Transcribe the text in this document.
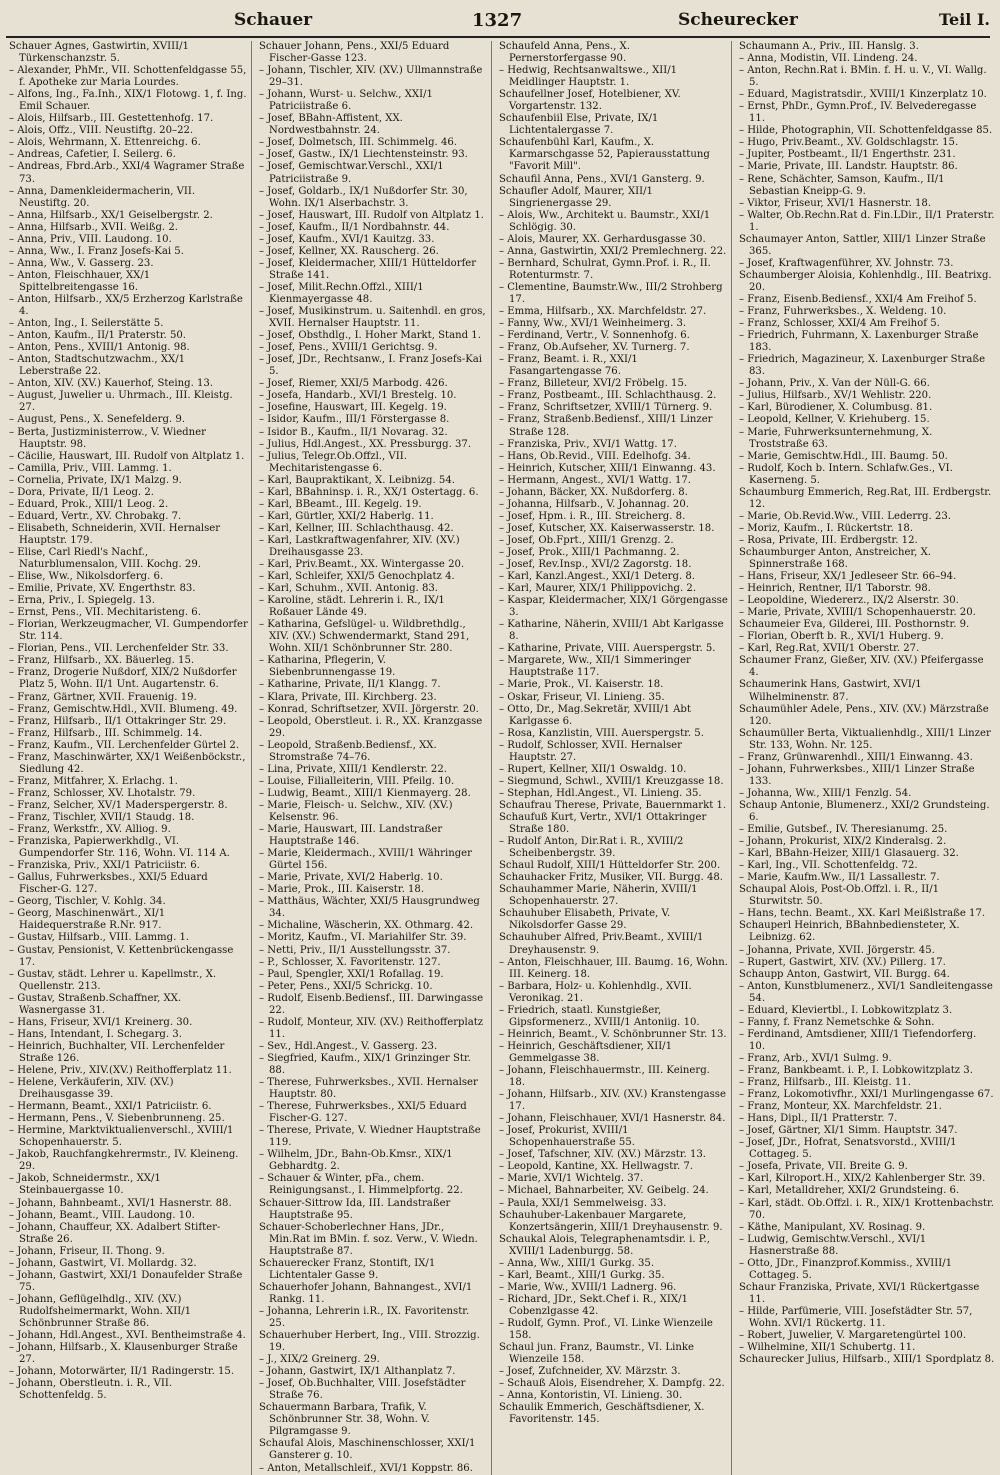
Schauer	1327	Scheurecker	Teil I.

Schauer Agnes, Gastwirtin, XVIII/1 Türkenschanzstr. 5.

– Alexander, PhMr., VII. Schottenfeldgasse 55, f. Apotheke zur Maria Lourdes.

– Alfons, Ing., Fa.Inh., XIX/1 Flotowg. 1, f. Ing. Emil Schauer.

– Alois, Hilfsarb., III. Gestettenhofg. 17.

– Alois, Offz., VIII. Neustiftg. 20–22.

– Alois, Wehrmann, X. Ettenreichg. 6.

– Andreas, Cafetier, I. Seilerg. 6.

– Andreas, Fbrd.Arb., XXI/4 Wagramer Straße 73.

– Anna, Damenkleidermacherin, VII. Neustiftg. 20.

– Anna, Hilfsarb., XX/1 Geiselbergstr. 2.

– Anna, Hilfsarb., XVII. Weißg. 2.

– Anna, Priv., VIII. Laudong. 10.

– Anna, Ww., I. Franz Josefs-Kai 5.

– Anna, Ww., V. Gasserg. 23.

– Anton, Fleischhauer, XX/1 Spittelbreitengasse 16.

– Anton, Hilfsarb., XX/5 Erzherzog Karlstraße 4.

– Anton, Ing., I. Seilerstätte 5.

– Anton, Kaufm., II/1 Praterstr. 50.

– Anton, Pens., XVIII/1 Antonig. 98.

– Anton, Stadtschutzwachm., XX/1 Leberstraße 22.

– Anton, XIV. (XV.) Kauerhof, Steing. 13.

– August, Juwelier u. Uhrmach., III. Kleistg. 27.

– August, Pens., X. Senefelderg. 9.

– Berta, Justizministerrow., V. Wiedner Hauptstr. 98.

– Cäcilie, Hauswart, III. Rudolf von Altplatz 1.

– Camilla, Priv., VIII. Lammg. 1.

– Cornelia, Private, IX/1 Malzg. 9.

– Dora, Private, II/1 Leog. 2.

– Eduard, Prok., XIII/1 Leog. 2.

– Eduard, Vertr., XV. Chrobakg. 7.

– Elisabeth, Schneiderin, XVII. Hernalser Hauptstr. 179.

– Elise, Carl Riedl's Nachf., Naturblumensalon, VIII. Kochg. 29.

– Elise, Ww., Nikolsdorferg. 6.

– Emilie, Private, XV. Engerthstr. 83.

– Erna, Priv., I. Spiegelg. 13.

– Ernst, Pens., VII. Mechitaristeng. 6.

– Florian, Werkzeugmacher, VI. Gumpendorfer Str. 114.

– Florian, Pens., VII. Lerchenfelder Str. 33.

– Franz, Hilfsarb., XX. Bäuerleg. 15.

– Franz, Drogerie Nußdorf, XIX/2 Nußdorfer Platz 5, Wohn. II/1 Unt. Augartenstr. 6.

– Franz, Gärtner, XVII. Frauenig. 19.

– Franz, Gemischtw.Hdl., XVII. Blumeng. 49.

– Franz, Hilfsarb., II/1 Ottakringer Str. 29.

– Franz, Hilfsarb., III. Schimmelg. 14.

– Franz, Kaufm., VII. Lerchenfelder Gürtel 2.

– Franz, Maschinwärter, XX/1 Weißenböckstr., Siedlung 42.

– Franz, Mitfahrer, X. Erlachg. 1.

– Franz, Schlosser, XV. Lhotalstr. 79.

– Franz, Selcher, XV/1 Maderspergerstr. 8.

– Franz, Tischler, XVII/1 Staudg. 18.

– Franz, Werkstfr., XV. Alliog. 9.

– Franziska, Papierwerkhdlg., VI. Gumpendorfer Str. 116, Wohn. VI. 114 A.

– Franziska, Priv., XXI/1 Patriciistr. 6.

– Gallus, Fuhrwerksbes., XXI/5 Eduard Fischer-G. 127.

– Georg, Tischler, V. Kohlg. 34.

– Georg, Maschinenwärt., XI/1 Haidequerstraße R.Nr. 917.

– Gustav, Hilfsarb., VIII. Lammg. 1.

– Gustav, Pensionist, V. Kettenbrückengasse 17.

– Gustav, städt. Lehrer u. Kapellmstr., X. Quellenstr. 213.

– Gustav, Straßenb.Schaffner, XX. Wasnergasse 31.

– Hans, Friseur, XVI/1 Kreinerg. 30.

– Hans, Intendant, I. Schegarg. 3.

– Heinrich, Buchhalter, VII. Lerchenfelder Straße 126.

– Helene, Priv., XIV.(XV.) Reithofferplatz 11.

– Helene, Verkäuferin, XIV. (XV.) Dreihausgasse 39.

– Hermann, Beamt., XXI/1 Patriciistr. 6.

– Hermann, Pens., V. Siebenbrunneng. 25.

– Hermine, Marktviktualienverschl., XVIII/1 Schopenhauerstr. 5.

– Jakob, Rauchfangkehrermstr., IV. Kleineng. 29.

– Jakob, Schneidermstr., XX/1 Steinbauergasse 10.

– Johann, Bahnbeamt., XVI/1 Hasnerstr. 88.

– Johann, Beamt., VIII. Laudong. 10.

– Johann, Chauffeur, XX. Adalbert Stifter-Straße 26.

– Johann, Friseur, II. Thong. 9.

– Johann, Gastwirt, VI. Mollardg. 32.

– Johann, Gastwirt, XXI/1 Donaufelder Straße 75.

– Johann, Geflügelhdlg., XIV. (XV.) Rudolfsheimermarkt, Wohn. XII/1 Schönbrunner Straße 86.

– Johann, Hdl.Angest., XVI. Bentheimstraße 4.

– Johann, Hilfsarb., X. Klausenburger Straße 27.

– Johann, Motorwärter, II/1 Radingerstr. 15.

– Johann, Oberstleutn. i. R., VII. Schottenfeldg. 5.

Schauer Johann, Pens., XXI/5 Eduard Fischer-Gasse 123.

– Johann, Tischler, XIV. (XV.) Ullmannstraße 29–31.

– Johann, Wurst- u. Selchw., XXI/1 Patriciistraße 6.

– Josef, BBahn-Affistent, XX. Nordwestbahnstr. 24.

– Josef, Dolmetsch, III. Schimmelg. 46.

– Josef, Gastw., IX/1 Liechtensteinstr. 93.

– Josef, Gemischtwar.Verschl., XXI/1 Patriciistraße 9.

– Josef, Goldarb., IX/1 Nußdorfer Str. 30, Wohn. IX/1 Alserbachstr. 3.

– Josef, Hauswart, III. Rudolf von Altplatz 1.

– Josef, Kaufm., II/1 Nordbahnstr. 44.

– Josef, Kaufm., XVI/1 Kauitzg. 33.

– Josef, Kellner, XX. Rauscherg. 26.

– Josef, Kleidermacher, XIII/1 Hütteldorfer Straße 141.

– Josef, Milit.Rechn.Offzl., XIII/1 Kienmayergasse 48.

– Josef, Musikinstrum. u. Saitenhdl. en gros, XVII. Hernalser Hauptstr. 11.

– Josef, Obsthdlg., I. Hoher Markt, Stand 1.

– Josef, Pens., XVIII/1 Gerichtsg. 9.

– Josef, JDr., Rechtsanw., I. Franz Josefs-Kai 5.

– Josef, Riemer, XXI/5 Marbodg. 426.

– Josefa, Handarb., XVI/1 Brestelg. 10.

– Josefine, Hauswart, III. Kegelg. 19.

– Isidor, Kaufm., III/1 Förstergasse 8.

– Isidor B., Kaufm., II/1 Novarag. 32.

– Julius, Hdl.Angest., XX. Pressburgg. 37.

– Julius, Telegr.Ob.Offzl., VII. Mechitaristengasse 6.

– Karl, Baupraktikant, X. Leibnizg. 54.

– Karl, BBahninsp. i. R., XX/1 Ostertagg. 6.

– Karl, BBeamt., III. Kegelg. 19.

– Karl, Gürtler, XXI/2 Haberlg. 11.

– Karl, Kellner, III. Schlachthausg. 42.

– Karl, Lastkraftwagenfahrer, XIV. (XV.) Dreihausgasse 23.

– Karl, Priv.Beamt., XX. Wintergasse 20.

– Karl, Schleifer, XXI/5 Genochplatz 4.

– Karl, Schuhm., XVII. Antonig. 83.

– Karoline, städt. Lehrerin i. R., IX/1 Roßauer Lände 49.

– Katharina, Gefslügel- u. Wildbrethdlg., XIV. (XV.) Schwendermarkt, Stand 291, Wohn. XII/1 Schönbrunner Str. 280.

– Katharina, Pflegerin, V. Siebenbrunnengasse 19.

– Katharine, Private, II/1 Klangg. 7.

– Klara, Private, III. Kirchberg. 23.

– Konrad, Schriftsetzer, XVII. Jörgerstr. 20.

– Leopold, Oberstleut. i. R., XX. Kranzgasse 29.

– Leopold, Straßenb.Bediensf., XX. Stromstraße 74–76.

– Lina, Private, XIII/1 Kendlerstr. 22.

– Louise, Filialleiterin, VIII. Pfeilg. 10.

– Ludwig, Beamt., XIII/1 Kienmayerg. 28.

– Marie, Fleisch- u. Selchw., XIV. (XV.) Kelsenstr. 96.

– Marie, Hauswart, III. Landstraßer Hauptstraße 146.

– Marie, Kleidermach., XVIII/1 Währinger Gürtel 156.

– Marie, Private, XVI/2 Haberlg. 10.

– Marie, Prok., III. Kaiserstr. 18.

– Matthäus, Wächter, XXI/5 Hausgrundweg 34.

– Michaline, Wäscherin, XX. Othmarg. 42.

– Moritz, Kaufm., VI. Mariahilfer Str. 39.

– Netti, Priv., II/1 Ausstellungsstr. 37.

– P., Schlosser, X. Favoritenstr. 127.

– Paul, Spengler, XXI/1 Rofallag. 19.

– Peter, Pens., XXI/5 Schrickg. 10.

– Rudolf, Eisenb.Bediensf., III. Darwingasse 22.

– Rudolf, Monteur, XIV. (XV.) Reithofferplatz 11.

– Sev., Hdl.Angest., V. Gasserg. 23.

– Siegfried, Kaufm., XIX/1 Grinzinger Str. 88.

– Therese, Fuhrwerksbes., XVII. Hernalser Hauptstr. 80.

– Therese, Fuhrwerksbes., XXI/5 Eduard Fischer-G. 127.

– Therese, Private, V. Wiedner Hauptstraße 119.

– Wilhelm, JDr., Bahn-Ob.Kmsr., XIX/1 Gebhardtg. 2.

– Schauer & Winter, pFa., chem. Reinigungsanst., I. Himmelpfortg. 22.

Schauer-Sittrow Ida, III. Landstraßer Hauptstraße 95.

Schauer-Schoberlechner Hans, JDr., Min.Rat im BMin. f. soz. Verw., V. Wiedn. Hauptstraße 87.

Schauerecker Franz, Stontift, IX/1 Lichtentaler Gasse 9.

Schauerhofer Johann, Bahnangest., XVI/1 Rankg. 11.

– Johanna, Lehrerin i.R., IX. Favoritenstr. 25.

Schauerhuber Herbert, Ing., VIII. Strozzig. 19.

– J., XIX/2 Greinerg. 29.

– Johann, Gastwirt, IX/1 Althanplatz 7.

– Josef, Ob.Buchhalter, VIII. Josefstädter Straße 76.

Schauermann Barbara, Trafik, V. Schönbrunner Str. 38, Wohn. V. Pilgramgasse 9.

Schaufal Alois, Maschinenschlosser, XXI/1 Gansterer g. 10.

– Anton, Metallschleif., XVI/1 Koppstr. 86.

Schaufeld Anna, Pens., X. Pernerstorfergasse 90.

– Hedwig, Rechtsanwaltswe., XII/1 Meidlinger Hauptstr. 1.

Schaufellner Josef, Hotelbiener, XV. Vorgartenstr. 132.

Schaufenbiil Else, Private, IX/1 Lichtentalergasse 7.

Schaufenbühl Karl, Kaufm., X. Karmarschgasse 52, Papierausstattung "Favorit Mill".

Schaufil Anna, Pens., XVI/1 Gansterg. 9.

Schaufler Adolf, Maurer, XII/1 Singrienergasse 29.

– Alois, Ww., Architekt u. Baumstr., XXI/1 Schlögig. 30.

– Alois, Maurer, XX. Gerhardusgasse 30.

– Anna, Gastwirtin, XXI/2 Premlechnerg. 22.

– Bernhard, Schulrat, Gymn.Prof. i. R., II. Rotenturmstr. 7.

– Clementine, Baumstr.Ww., III/2 Strohberg 17.

– Emma, Hilfsarb., XX. Marchfeldstr. 27.

– Fanny, Ww., XVI/1 Weinheimerg. 3.

– Ferdinand, Vertr., V. Sonnenhofg. 6.

– Franz, Ob.Aufseher, XV. Turnerg. 7.

– Franz, Beamt. i. R., XXI/1 Fasangartengasse 76.

– Franz, Billeteur, XVI/2 Fröbelg. 15.

– Franz, Postbeamt., III. Schlachthausg. 2.

– Franz, Schriftsetzer, XVIII/1 Türnerg. 9.

– Franz, Straßenb.Bediensf., XIII/1 Linzer Straße 128.

– Franziska, Priv., XVI/1 Wattg. 17.

– Hans, Ob.Revid., VIII. Edelhofg. 34.

– Heinrich, Kutscher, XIII/1 Einwanng. 43.

– Hermann, Angest., XVI/1 Wattg. 17.

– Johann, Bäcker, XX. Nußdorferg. 8.

– Johanna, Hilfsarb., V. Johannag. 20.

– Josef, Hpm. i. R., III. Streicherg. 8.

– Josef, Kutscher, XX. Kaiserwasserstr. 18.

– Josef, Ob.Fprt., XIII/1 Grenzg. 2.

– Josef, Prok., XIII/1 Pachmanng. 2.

– Josef, Rev.Insp., XVI/2 Zagorstg. 18.

– Karl, Kanzl.Angest., XXI/1 Deterg. 8.

– Karl, Maurer, XIX/1 Philippovichg. 2.

– Kaspar, Kleidermacher, XIX/1 Görgengasse 3.

– Katharine, Näherin, XVIII/1 Abt Karlgasse 8.

– Katharine, Private, VIII. Auerspergstr. 5.

– Margarete, Ww., XII/1 Simmeringer Hauptstraße 117.

– Marie, Prok., VI. Kaiserstr. 18.

– Oskar, Friseur, VI. Linieng. 35.

– Otto, Dr., Mag.Sekretär, XVIII/1 Abt Karlgasse 6.

– Rosa, Kanzlistin, VIII. Auerspergstr. 5.

– Rudolf, Schlosser, XVII. Hernalser Hauptstr. 27.

– Rupert, Kellner, XII/1 Oswaldg. 10.

– Siegmund, Schwl., XVIII/1 Kreuzgasse 18.

– Stephan, Hdl.Angest., VI. Linieng. 35.

Schaufrau Therese, Private, Bauernmarkt 1.

Schaufuß Kurt, Vertr., XVI/1 Ottakringer Straße 180.

– Rudolf Anton, Dir.Rat i. R., XVIII/2 Scheibenbergstr. 39.

Schaul Rudolf, XIII/1 Hütteldorfer Str. 200.

Schauhacker Fritz, Musiker, VII. Burgg. 48.

Schauhammer Marie, Näherin, XVIII/1 Schopenhauerstr. 27.

Schauhuber Elisabeth, Private, V. Nikolsdorfer Gasse 29.

Schauhuber Alfred, Priv.Beamt., XVIII/1 Dreyhausenstr. 9.

– Anton, Fleischhauer, III. Baumg. 16, Wohn. III. Keinerg. 18.

– Barbara, Holz- u. Kohlenhdlg., XVII. Veronikag. 21.

– Friedrich, staatl. Kunstgießer, Gipsformenerz., XVIII/1 Antoniig. 10.

– Heinrich, Beamt., V. Schönbrunner Str. 13.

– Heinrich, Geschäftsdiener, XII/1 Gemmelgasse 38.

– Johann, Fleischhauermstr., III. Keinerg. 18.

– Johann, Hilfsarb., XIV. (XV.) Kranstengasse 17.

– Johann, Fleischhauer, XVI/1 Hasnerstr. 84.

– Josef, Prokurist, XVIII/1 Schopenhauerstraße 55.

– Josef, Tafschner, XIV. (XV.) Märzstr. 13.

– Leopold, Kantine, XX. Hellwagstr. 7.

– Marie, XVI/1 Wichtelg. 37.

– Michael, Bahnarbeiter, XV. Geibelg. 24.

– Paula, XXI/1 Semmelweisg. 33.

Schauhuber-Lakenbauer Margarete, Konzertsängerin, XIII/1 Dreyhausenstr. 9.

Schaukal Alois, Telegraphenamtsdir. i. P., XVIII/1 Ladenburgg. 58.

– Anna, Ww., XIII/1 Gurkg. 35.

– Karl, Beamt., XIII/1 Gurkg. 35.

– Marie, Ww., XVIII/1 Ladnerg. 96.

– Richard, JDr., Sekt.Chef i. R., XIX/1 Cobenzlgasse 42.

– Rudolf, Gymn. Prof., VI. Linke Wienzeile 158.

Schaul jun. Franz, Baumstr., VI. Linke Wienzeile 158.

– Josef, Zufchneider, XV. Märzstr. 3.

– Schauß Alois, Eisendreher, X. Dampfg. 22.

– Anna, Kontoristin, VI. Linieng. 30.

Schaulik Emmerich, Geschäftsdiener, X. Favoritenstr. 145.

Schaumann A., Priv., III. Hanslg. 3.

– Anna, Modistin, VII. Lindeng. 24.

– Anton, Rechn.Rat i. BMin. f. H. u. V., VI. Wallg. 5.

– Eduard, Magistratsdir., XVIII/1 Kinzerplatz 10.

– Ernst, PhDr., Gymn.Prof., IV. Belvederegasse 11.

– Hilde, Photographin, VII. Schottenfeldgasse 85.

– Hugo, Priv.Beamt., XV. Goldschlagstr. 15.

– Jupiter, Postbeamt., II/1 Engerthstr. 231.

– Marie, Private, III. Landstr. Hauptstr. 86.

– Rene, Schächter, Samson, Kaufm., II/1 Sebastian Kneipp-G. 9.

– Viktor, Friseur, XVI/1 Hasnerstr. 18.

– Walter, Ob.Rechn.Rat d. Fin.LDir., II/1 Praterstr. 1.

Schaumayer Anton, Sattler, XIII/1 Linzer Straße 365.

– Josef, Kraftwagenführer, XV. Johnstr. 73.

Schaumberger Aloisia, Kohlenhdlg., III. Beatrixg. 20.

– Franz, Eisenb.Bediensf., XXI/4 Am Freihof 5.

– Franz, Fuhrwerksbes., X. Weldeng. 10.

– Franz, Schlosser, XXI/4 Am Freihof 5.

– Friedrich, Fuhrmann, X. Laxenburger Straße 183.

– Friedrich, Magazineur, X. Laxenburger Straße 83.

– Johann, Priv., X. Van der Nüll-G. 66.

– Julius, Hilfsarb., XV/1 Wehlistr. 220.

– Karl, Bürodiener, X. Columbusg. 81.

– Leopold, Kellner, V. Kriehuberg. 15.

– Marie, Fuhrwerksunternehmung, X. Troststraße 63.

– Marie, Gemischtw.Hdl., III. Baumg. 50.

– Rudolf, Koch b. Intern. Schlafw.Ges., VI. Kaserneng. 5.

Schaumburg Emmerich, Reg.Rat, III. Erdbergstr. 12.

– Marie, Ob.Revid.Ww., VIII. Lederrg. 23.

– Moriz, Kaufm., I. Rückertstr. 18.

– Rosa, Private, III. Erdbergstr. 12.

Schaumburger Anton, Anstreicher, X. Spinnerstraße 168.

– Hans, Friseur, XX/1 Jedleseer Str. 66–94.

– Heinrich, Rentner, II/1 Taborstr. 98.

– Leopoldine, Wiedererz., IX/2 Alserstr. 30.

– Marie, Private, XVIII/1 Schopenhauerstr. 20.

Schaumeier Eva, Gilderei, III. Posthornstr. 9.

– Florian, Oberft b. R., XVI/1 Huberg. 9.

– Karl, Reg.Rat, XVII/1 Oberstr. 27.

Schaumer Franz, Gießer, XIV. (XV.) Pfeifergasse 4.

Schaumerink Hans, Gastwirt, XVI/1 Wilhelminenstr. 87.

Schaumühler Adele, Pens., XIV. (XV.) Märzstraße 120.

Schaumüller Berta, Viktualienhdlg., XIII/1 Linzer Str. 133, Wohn. Nr. 125.

– Franz, Grünwarenhdl., XIII/1 Einwanng. 43.

– Johann, Fuhrwerksbes., XIII/1 Linzer Straße 133.

– Johanna, Ww., XIII/1 Fenzlg. 54.

Schaup Antonie, Blumenerz., XXI/2 Grundsteing. 6.

– Emilie, Gutsbef., IV. Theresianumg. 25.

– Johann, Prokurist, XIX/2 Kinderalsg. 2.

– Karl, BBahn-Heizer, XIII/1 Glasauerg. 32.

– Karl, Ing., VII. Schottenfeldg. 72.

– Marie, Kaufm.Ww., II/1 Lassallestr. 7.

Schaupal Alois, Post-Ob.Offzl. i. R., II/1 Sturwitstr. 50.

– Hans, techn. Beamt., XX. Karl Meißlstraße 17.

Schauperl Heinrich, BBahnbediensteter, X. Leibnizg. 62.

– Johanna, Private, XVII. Jörgerstr. 45.

– Rupert, Gastwirt, XIV. (XV.) Pillerg. 17.

Schaupp Anton, Gastwirt, VII. Burgg. 64.

– Anton, Kunstblumenerz., XVI/1 Sandleitengasse 54.

– Eduard, Kleviertbl., I. Lobkowitzplatz 3.

– Fanny, f. Franz Nemetschke & Sohn.

– Ferdinand, Amtsdiener, XIII/1 Tiefendorferg. 10.

– Franz, Arb., XVI/1 Sulmg. 9.

– Franz, Bankbeamt. i. P., I. Lobkowitzplatz 3.

– Franz, Hilfsarb., III. Kleistg. 11.

– Franz, Lokomotivfhr., XXI/1 Murlingengasse 67.

– Franz, Monteur, XX. Marchfeldstr. 21.

– Hans, Dipl., II/1 Pratterstr. 7.

– Josef, Gärtner, XI/1 Simm. Hauptstr. 347.

– Josef, JDr., Hofrat, Senatsvorstd., XVIII/1 Cottageg. 5.

– Josefa, Private, VII. Breite G. 9.

– Karl, Kilroport.H., XIX/2 Kahlenberger Str. 39.

– Karl, Metalldreher, XXI/2 Grundsteing. 6.

– Karl, städt. Ob.Offzl. i. R., XIX/1 Krottenbachstr. 70.

– Käthe, Manipulant, XV. Rosinag. 9.

– Ludwig, Gemischtw.Verschl., XVI/1 Hasnerstraße 88.

– Otto, JDr., Finanzprof.Kommiss., XVIII/1 Cottageg. 5.

Schaur Franziska, Private, XVI/1 Rückertgasse 11.

– Hilde, Parfümerie, VIII. Josefstädter Str. 57, Wohn. XVI/1 Rückertg. 11.

– Robert, Juwelier, V. Margaretengürtel 100.

– Wilhelmine, XII/1 Schubertg. 11.

Schaurecker Julius, Hilfsarb., XIII/1 Spordplatz 8.
